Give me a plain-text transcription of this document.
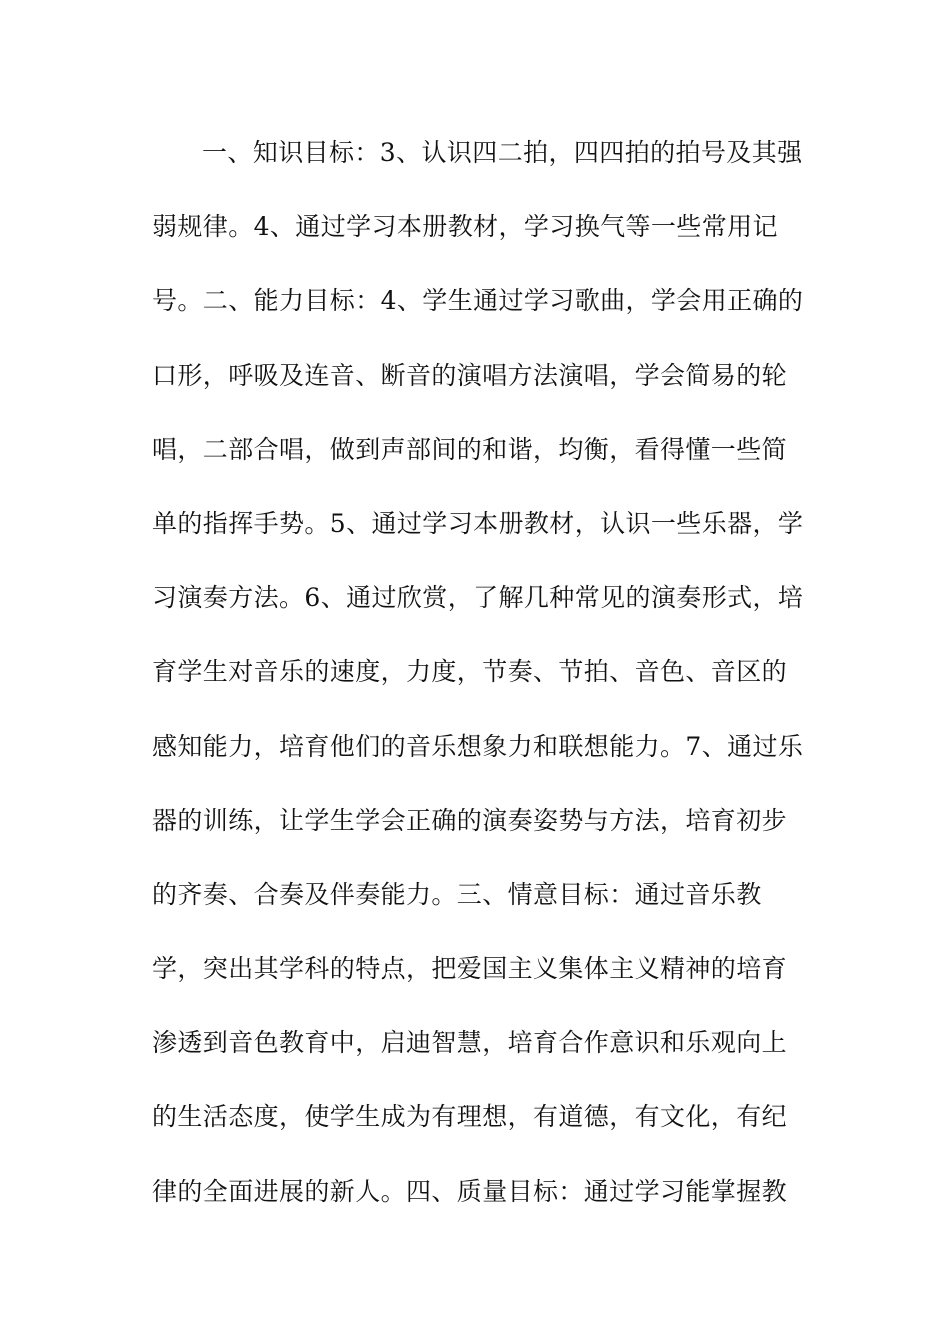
一、知识目标：3、认识四二拍，四四拍的拍号及其强
弱规律。4、通过学习本册教材，学习换气等一些常用记
号。二、能力目标：4、学生通过学习歌曲，学会用正确的
口形，呼吸及连音、断音的演唱方法演唱，学会简易的轮
唱，二部合唱，做到声部间的和谐，均衡，看得懂一些简
单的指挥手势。5、通过学习本册教材，认识一些乐器，学
习演奏方法。6、通过欣赏，了解几种常见的演奏形式，培
育学生对音乐的速度，力度，节奏、节拍、音色、音区的
感知能力，培育他们的音乐想象力和联想能力。7、通过乐
器的训练，让学生学会正确的演奏姿势与方法，培育初步
的齐奏、合奏及伴奏能力。三、情意目标：通过音乐教
学，突出其学科的特点，把爱国主义集体主义精神的培育
渗透到音色教育中，启迪智慧，培育合作意识和乐观向上
的生活态度，使学生成为有理想，有道德，有文化，有纪
律的全面进展的新人。四、质量目标：通过学习能掌握教
